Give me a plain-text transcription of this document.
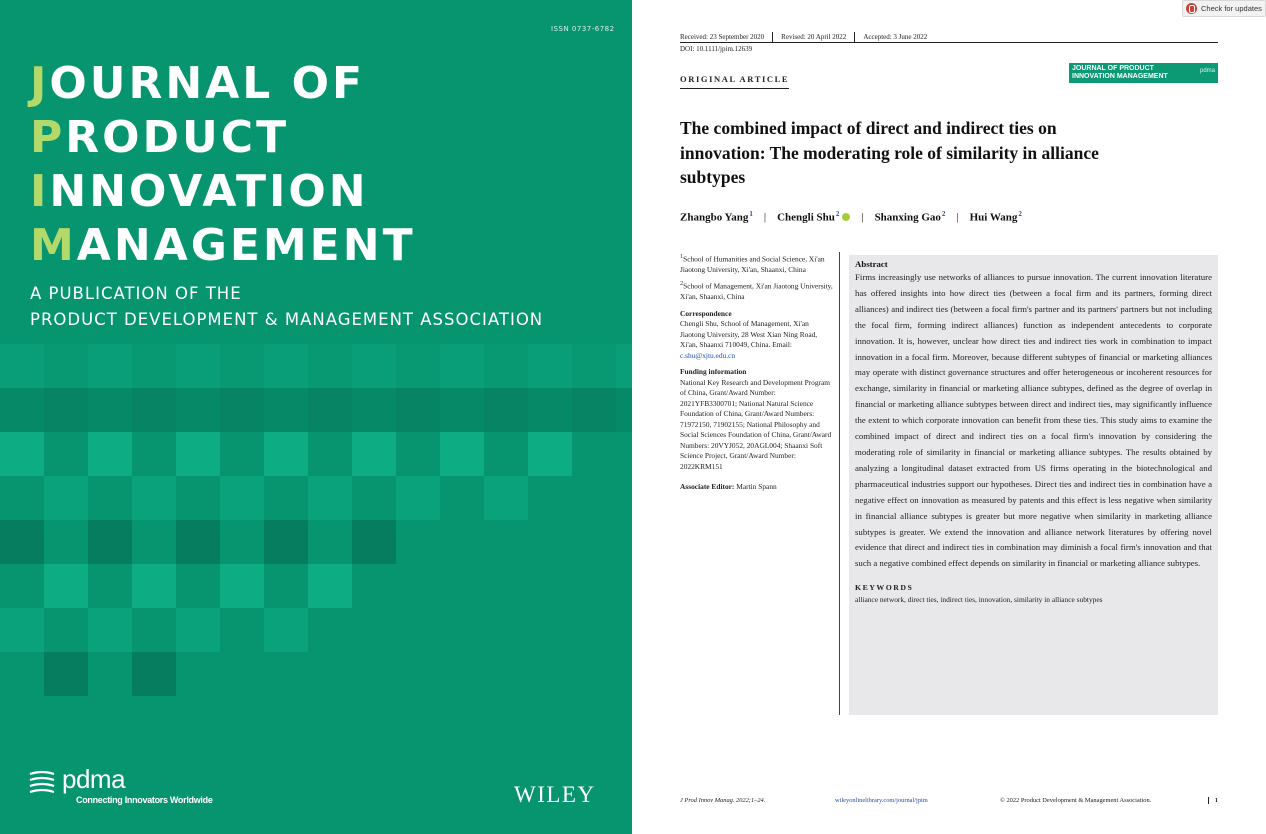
ISSN 0737-6782
JOURNAL OF
PRODUCT
INNOVATION
MANAGEMENT
A PUBLICATION OF THE
PRODUCT DEVELOPMENT & MANAGEMENT ASSOCIATION
pdma
Connecting Innovators Worldwide	WILEY
Check for updates
Received: 23 September 2020	Revised: 20 April 2022	Accepted: 3 June 2022
DOI: 10.1111/jpim.12639
ORIGINAL ARTICLE
JOURNAL OF PRODUCT
INNOVATION MANAGEMENT
pdma
The combined impact of direct and indirect ties on innovation: The moderating role of similarity in alliance subtypes
Zhangbo Yang$^1$ | Chengli Shu$^2$	| Shanxing Gao$^2$ | Hui Wang$^2$

$^1$School of Humanities and Social Science, Xi'an Jiaotong University, Xi'an, Shaanxi, China

$^2$School of Management, Xi'an Jiaotong University, Xi'an, Shaanxi, China

Correspondence

Chengli Shu, School of Management, Xi'an Jiaotong University, 28 West Xian Ning Road, Xi'an, Shaanxi 710049, China. Email: c.shu@xjtu.edu.cn

Funding information

National Key Research and Development Program of China, Grant/Award Number: 2021YFB3300701; National Natural Science Foundation of China, Grant/Award Numbers: 71972150, 71902155; National Philosophy and Social Sciences Foundation of China, Grant/Award Numbers: 20VYJ052, 20AGL004; Shaanxi Soft Science Project, Grant/Award Number: 2022KRM151

Associate Editor: Martin Spann

Abstract
Firms increasingly use networks of alliances to pursue innovation. The current innovation literature has offered insights into how direct ties (between a focal firm and its partners, forming direct alliances) and indirect ties (between a focal firm's partner and its partners' partners but not including the focal firm, forming indirect alliances) function as independent antecedents to corporate innovation. It is, however, unclear how direct ties and indirect ties work in combination to impact innovation in a focal firm. Moreover, because different subtypes of financial or marketing alliances may operate with distinct governance structures and offer heterogeneous or incoherent resources for exchange, similarity in financial or marketing alliance subtypes, defined as the degree of overlap in financial or marketing alliance subtypes between direct and indirect ties, may significantly influence the extent to which corporate innovation can benefit from these ties. This study aims to examine the combined impact of direct and indirect ties on a focal firm's innovation by considering the moderating role of similarity in financial or marketing alliance subtypes. The results obtained by analyzing a longitudinal dataset extracted from US firms operating in the biotechnological and pharmaceutical industries support our hypotheses. Direct ties and indirect ties in combination have a negative effect on innovation as measured by patents and this effect is less negative when similarity in financial alliance subtypes is greater but more negative when similarity in marketing alliance subtypes is greater. We extend the innovation and alliance network literatures by offering novel evidence that direct and indirect ties in combination may diminish a focal firm's innovation and that such a negative combined effect depends on similarity in financial or marketing alliance subtypes.
KEYWORDS
alliance network, direct ties, indirect ties, innovation, similarity in alliance subtypes
J Prod Innov Manag. 2022;1–24.	wileyonlinelibrary.com/journal/jpim	© 2022 Product Development & Management Association.	1
